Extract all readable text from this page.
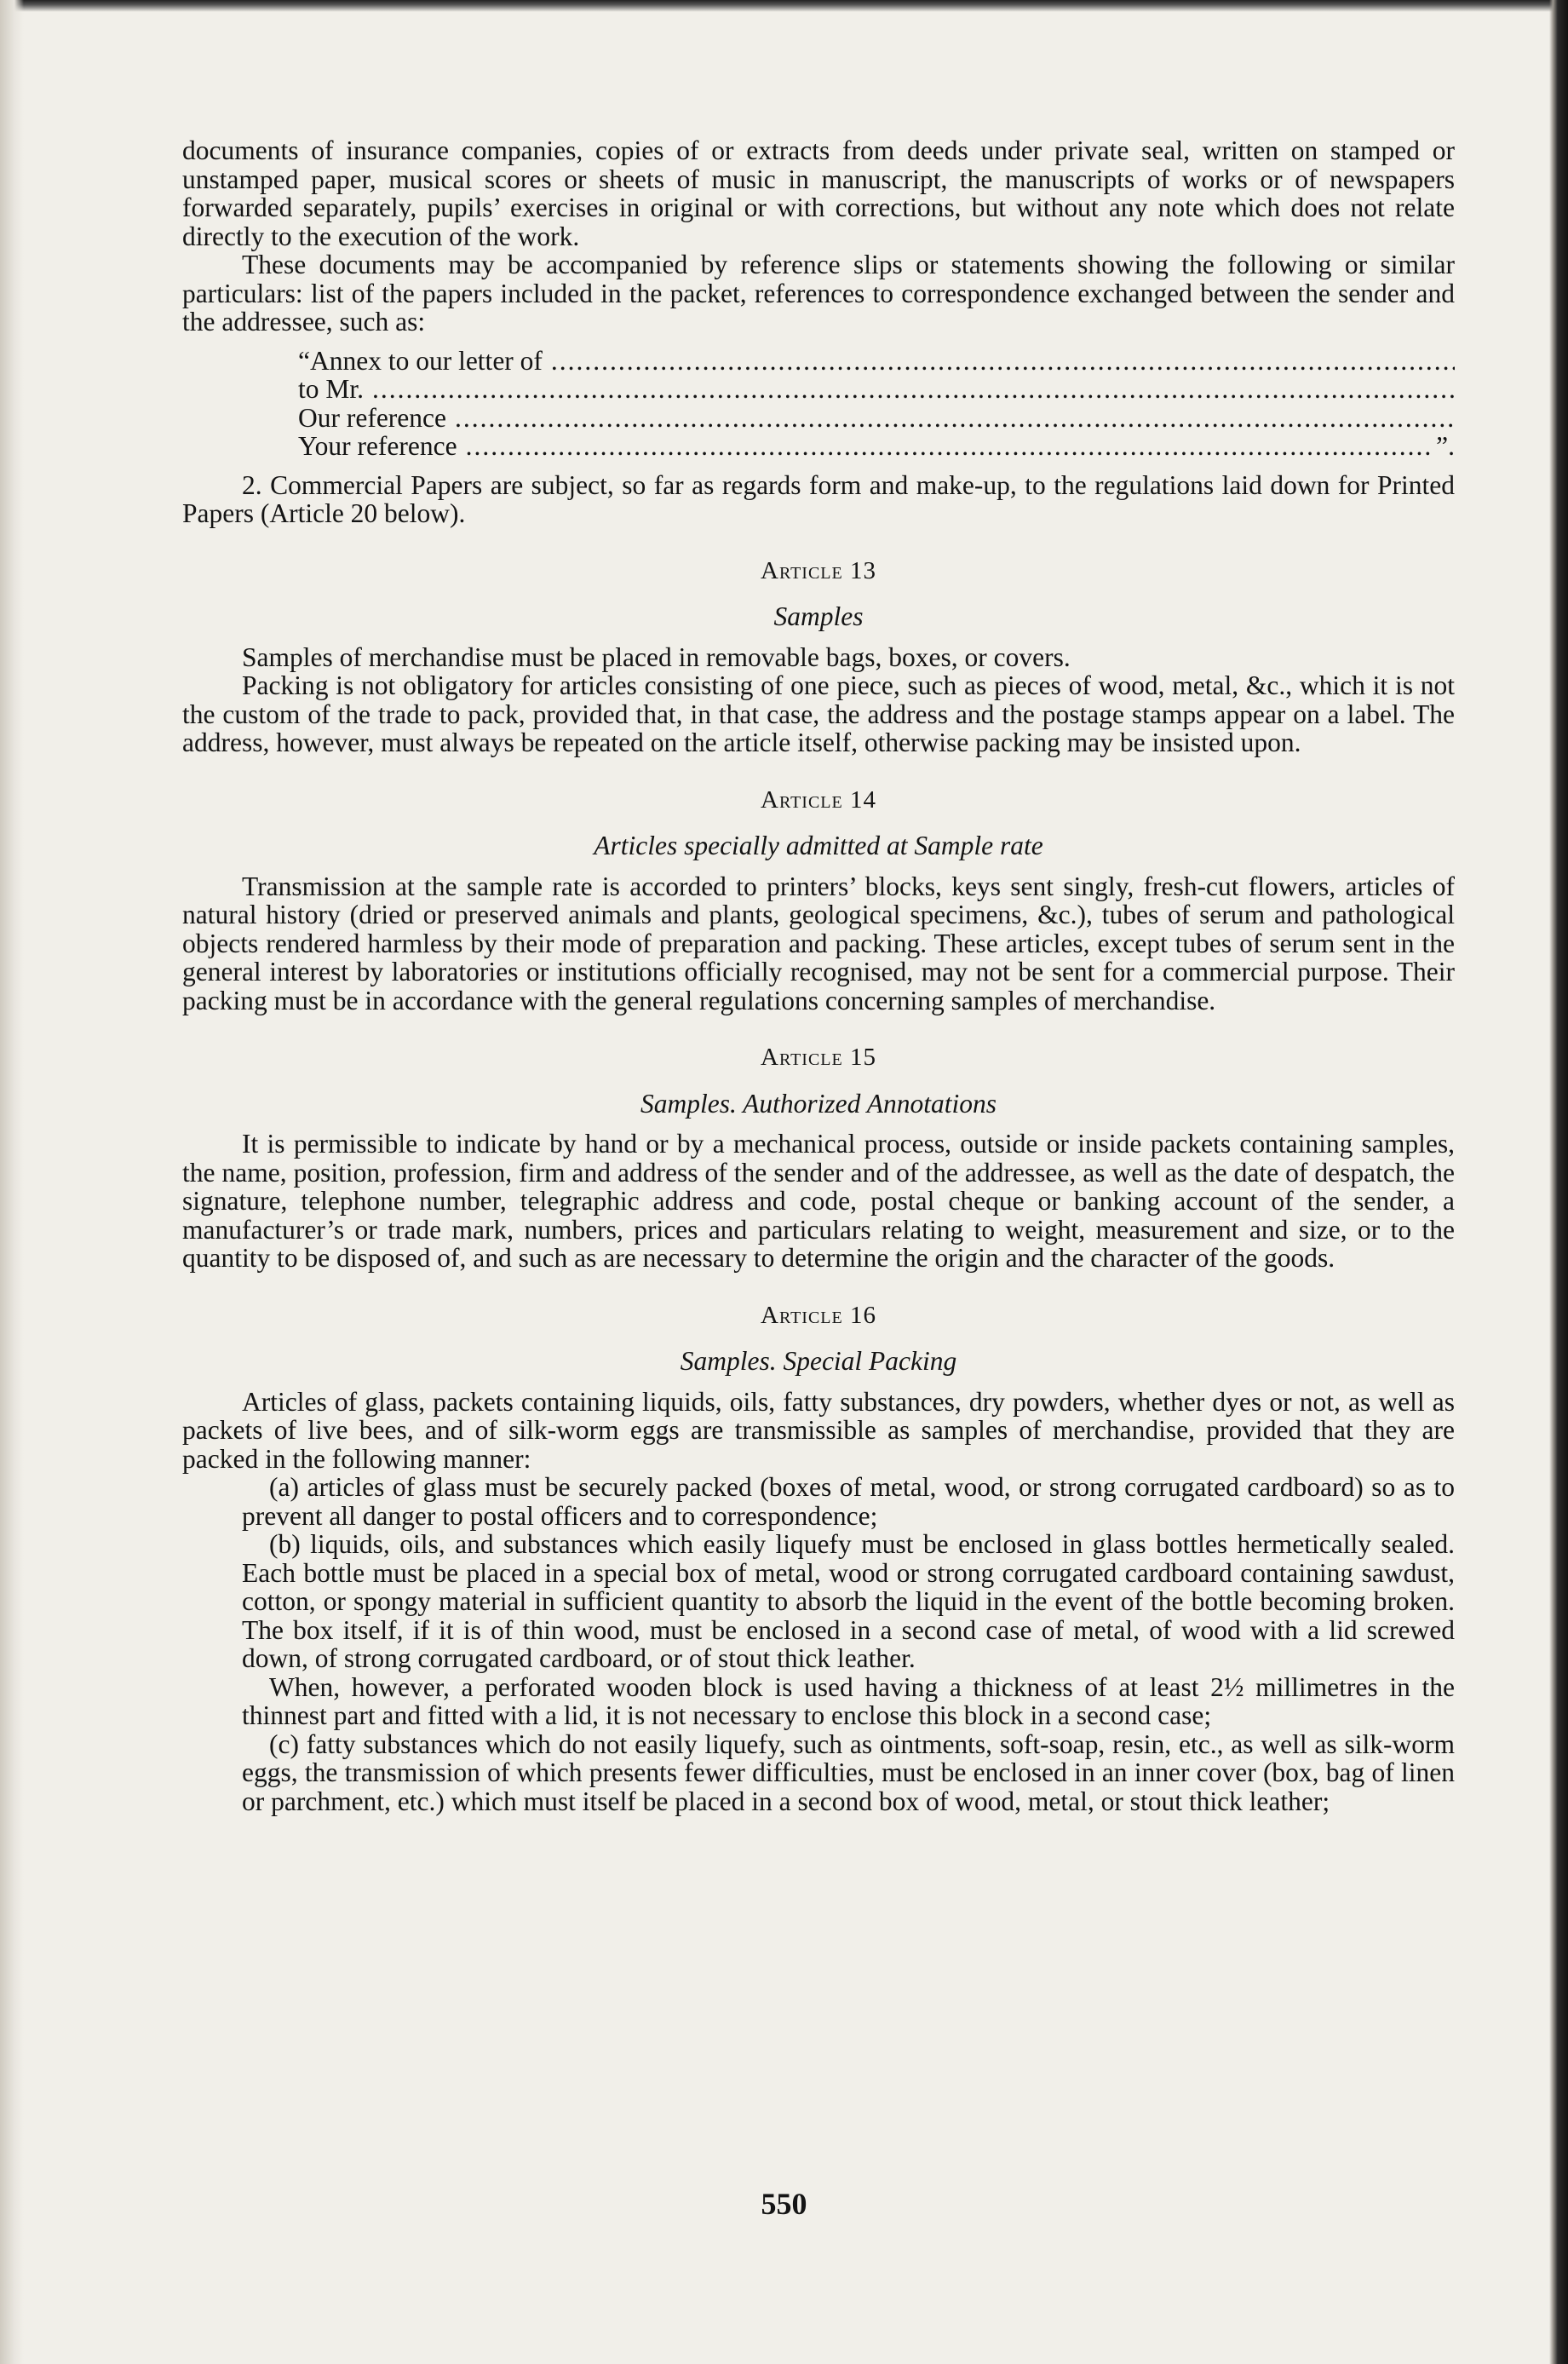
documents of insurance companies, copies of or extracts from deeds under private seal, written on stamped or unstamped paper, musical scores or sheets of music in manuscript, the manuscripts of works or of newspapers forwarded separately, pupils’ exercises in original or with corrections, but without any note which does not relate directly to the execution of the work.

These documents may be accompanied by reference slips or statements showing the following or similar particulars: list of the papers included in the packet, references to correspondence exchanged between the sender and the addressee, such as:

“Annex to our letter of
.....
to Mr.
.....
Our reference
.....
Your reference
.....	”.

2. Commercial Papers are subject, so far as regards form and make-up, to the regulations laid down for Printed Papers (Article 20 below).

Article 13
Samples

Samples of merchandise must be placed in removable bags, boxes, or covers.

Packing is not obligatory for articles consisting of one piece, such as pieces of wood, metal, &c., which it is not the custom of the trade to pack, provided that, in that case, the address and the postage stamps appear on a label. The address, however, must always be repeated on the article itself, otherwise packing may be insisted upon.

Article 14
Articles specially admitted at Sample rate

Transmission at the sample rate is accorded to printers’ blocks, keys sent singly, fresh-cut flowers, articles of natural history (dried or preserved animals and plants, geological specimens, &c.), tubes of serum and pathological objects rendered harmless by their mode of preparation and packing. These articles, except tubes of serum sent in the general interest by laboratories or institutions officially recognised, may not be sent for a commercial purpose. Their packing must be in accordance with the general regulations concerning samples of merchandise.

Article 15
Samples. Authorized Annotations

It is permissible to indicate by hand or by a mechanical process, outside or inside packets containing samples, the name, position, profession, firm and address of the sender and of the addressee, as well as the date of despatch, the signature, telephone number, telegraphic address and code, postal cheque or banking account of the sender, a manufacturer’s or trade mark, numbers, prices and particulars relating to weight, measurement and size, or to the quantity to be disposed of, and such as are necessary to determine the origin and the character of the goods.

Article 16
Samples. Special Packing

Articles of glass, packets containing liquids, oils, fatty substances, dry powders, whether dyes or not, as well as packets of live bees, and of silk-worm eggs are transmissible as samples of merchandise, provided that they are packed in the following manner:

(a) articles of glass must be securely packed (boxes of metal, wood, or strong corrugated cardboard) so as to prevent all danger to postal officers and to correspondence;

(b) liquids, oils, and substances which easily liquefy must be enclosed in glass bottles hermetically sealed. Each bottle must be placed in a special box of metal, wood or strong corrugated cardboard containing sawdust, cotton, or spongy material in sufficient quantity to absorb the liquid in the event of the bottle becoming broken. The box itself, if it is of thin wood, must be enclosed in a second case of metal, of wood with a lid screwed down, of strong corrugated cardboard, or of stout thick leather.

When, however, a perforated wooden block is used having a thickness of at least 2½ millimetres in the thinnest part and fitted with a lid, it is not necessary to enclose this block in a second case;

(c) fatty substances which do not easily liquefy, such as ointments, soft-soap, resin, etc., as well as silk-worm eggs, the transmission of which presents fewer difficulties, must be enclosed in an inner cover (box, bag of linen or parchment, etc.) which must itself be placed in a second box of wood, metal, or stout thick leather;

550
